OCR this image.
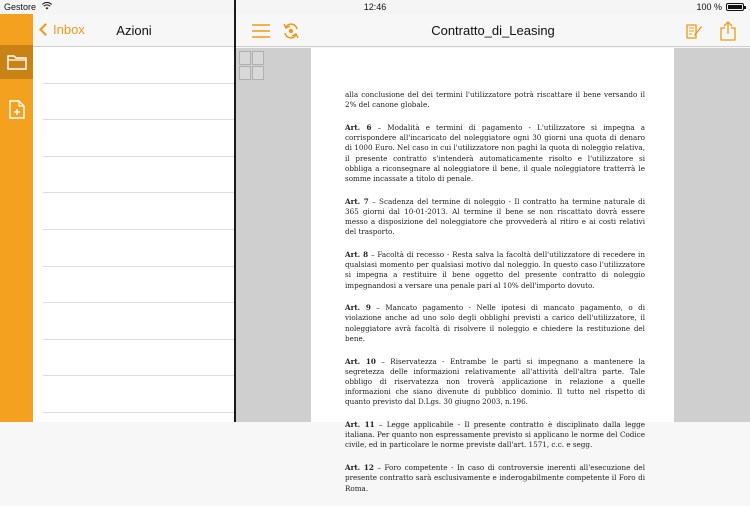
Gestore	12:46	100 %
Inbox	Azioni	Contratto_di_Leasing

alla conclusione del dei termini l'utilizzatore potrà riscattare il bene versando il 2% del canone globale.

Art. 6 – Modalità e termini di pagamento - L'utilizzatore si impegna a corrispondere all'incaricato del noleggiatore ogni 30 giorni una quota di denaro di 1000 Euro. Nel caso in cui l'utilizzatore non paghi la quota di noleggio relativa, il presente contratto s'intenderà automaticamente risolto e l'utilizzatore si obbliga a riconsegnare al noleggiatore il bene, il quale noleggiatore tratterrà le somme incassate a titolo di penale.

Art. 7 – Scadenza del termine di noleggio - Il contratto ha termine naturale di 365 giorni dal 10-01-2013. Al termine il bene se non riscattato dovrà essere messo a disposizione del noleggiatore che provvederà al ritiro e ai costi relativi del trasporto.

Art. 8 – Facoltà di recesso - Resta salva la facoltà dell'utilizzatore di recedere in qualsiasi momento per qualsiasi motivo dal noleggio. In questo caso l'utilizzatore si impegna a restituire il bene oggetto del presente contratto di noleggio impegnandosi a versare una penale pari al 10% dell'importo dovuto.

Art. 9 – Mancato pagamento - Nelle ipotesi di mancato pagamento, o di violazione anche ad uno solo degli obblighi previsti a carico dell'utilizzatore, il noleggiatore avrà facoltà di risolvere il noleggio e chiedere la restituzione del bene.

Art. 10 – Riservatezza - Entrambe le parti si impegnano a mantenere la segretezza delle informazioni relativamente all'attività dell'altra parte. Tale obbligo di riservatezza non troverà applicazione in relazione a quelle informazioni che siano divenute di pubblico dominio. Il tutto nel rispetto di quanto previsto dal D.Lgs. 30 giugno 2003, n.196.

Art. 11 – Legge applicabile - Il presente contratto è disciplinato dalla legge italiana. Per quanto non espressamente previsto si applicano le norme del Codice civile, ed in particolare le norme previste dall'art. 1571, c.c. e segg.

Art. 12 – Foro competente - In caso di controversie inerenti all'esecuzione del presente contratto sarà esclusivamente e inderogabilmente competente il Foro di Roma.
